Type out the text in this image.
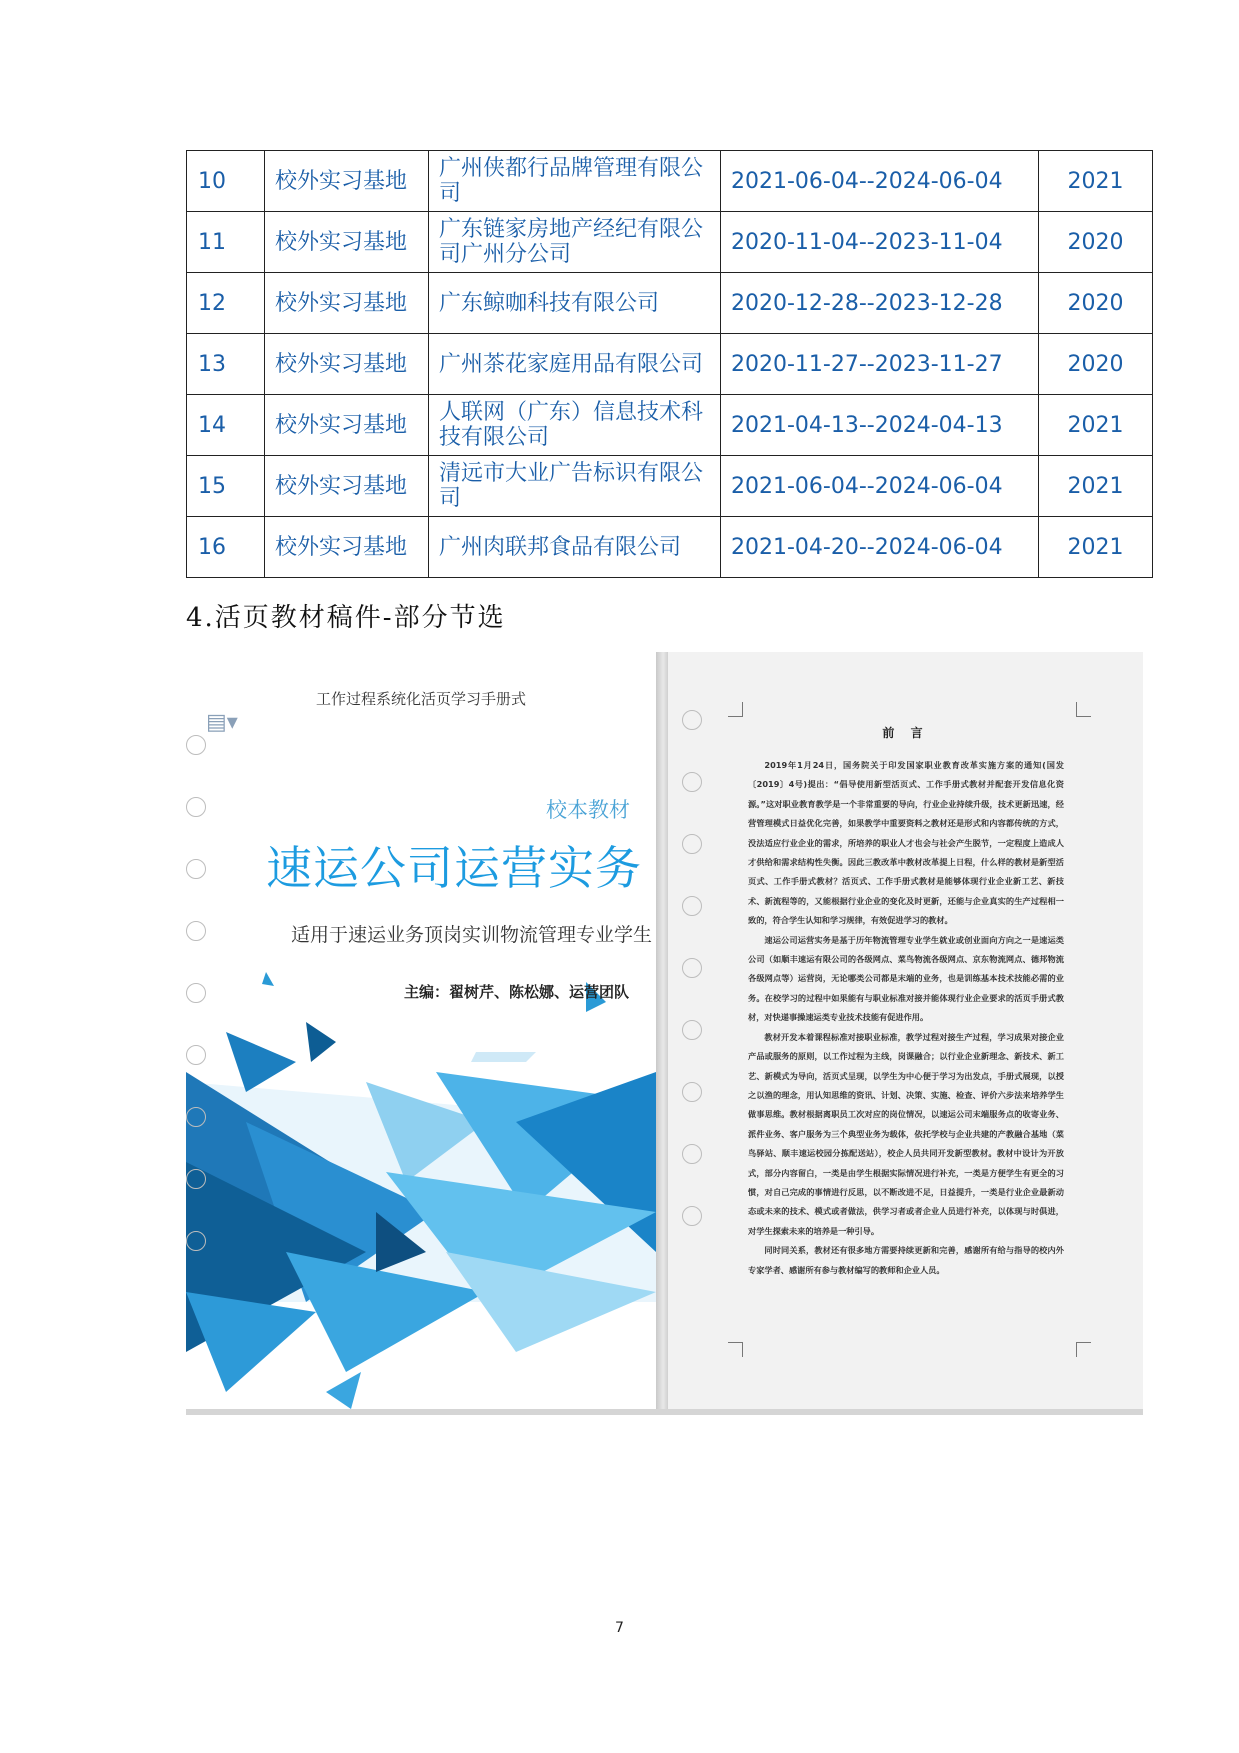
10	校外实习基地	广州侠都行品牌管理有限公司	2021-06-04--2024-06-04	2021
11	校外实习基地	广东链家房地产经纪有限公司广州分公司	2020-11-04--2023-11-04	2020
12	校外实习基地	广东鲸咖科技有限公司	2020-12-28--2023-12-28	2020
13	校外实习基地	广州茶花家庭用品有限公司	2020-11-27--2023-11-27	2020
14	校外实习基地	人联网（广东）信息技术科技有限公司	2021-04-13--2024-04-13	2021
15	校外实习基地	清远市大业广告标识有限公司	2021-06-04--2024-06-04	2021
16	校外实习基地	广州肉联邦食品有限公司	2021-04-20--2024-06-04	2021
4.活页教材稿件-部分节选
工作过程系统化活页学习手册式
▤▾
校本教材
速运公司运营实务
适用于速运业务顶岗实训物流管理专业学生
主编：翟树芹、陈松娜、运营团队
前 言

2019年1月24日，国务院关于印发国家职业教育改革实施方案的通知(国发〔2019〕4号)提出：“倡导使用新型活页式、工作手册式教材并配套开发信息化资源。”这对职业教育教学是一个非常重要的导向，行业企业持续升级，技术更新迅速，经营管理模式日益优化完善，如果教学中重要资料之教材还是形式和内容都传统的方式，没法适应行业企业的需求，所培养的职业人才也会与社会产生脱节，一定程度上造成人才供给和需求结构性失衡。因此三教改革中教材改革提上日程，什么样的教材是新型活页式、工作手册式教材？活页式、工作手册式教材是能够体现行业企业新工艺、新技术、新流程等的，又能根据行业企业的变化及时更新，还能与企业真实的生产过程相一致的，符合学生认知和学习规律，有效促进学习的教材。

速运公司运营实务是基于历年物流管理专业学生就业或创业面向方向之一是速运类公司（如顺丰速运有限公司的各级网点、菜鸟物流各级网点、京东物流网点、德邦物流各级网点等）运营岗，无论哪类公司都是末端的业务，也是训练基本技术技能必需的业务。在校学习的过程中如果能有与职业标准对接并能体现行业企业要求的活页手册式教材，对快递事操速运类专业技术技能有促进作用。

教材开发本着课程标准对接职业标准，教学过程对接生产过程，学习成果对接企业产品或服务的原则，以工作过程为主线，岗课融合；以行业企业新理念、新技术、新工艺、新模式为导向，活页式呈现，以学生为中心便于学习为出发点，手册式展现，以授之以渔的理念，用认知思维的资讯、计划、决策、实施、检查、评价六步法来培养学生做事思维。教材根据离职员工次对应的岗位情况，以速运公司末端服务点的收寄业务、派件业务、客户服务为三个典型业务为载体，依托学校与企业共建的产教融合基地（菜鸟驿站、顺丰速运校园分拣配送站），校企人员共同开发新型教材。教材中设计为开放式，部分内容留白，一类是由学生根据实际情况进行补充，一类是方便学生有更全的习惯，对自己完成的事情进行反思，以不断改进不足，日益提升，一类是行业企业最新动态或未来的技术、模式或者做法，供学习者或者企业人员进行补充，以体现与时俱进，对学生探索未来的培养是一种引导。

同时同关系，教材还有很多地方需要持续更新和完善，感谢所有给与指导的校内外专家学者、感谢所有参与教材编写的教师和企业人员。

7
